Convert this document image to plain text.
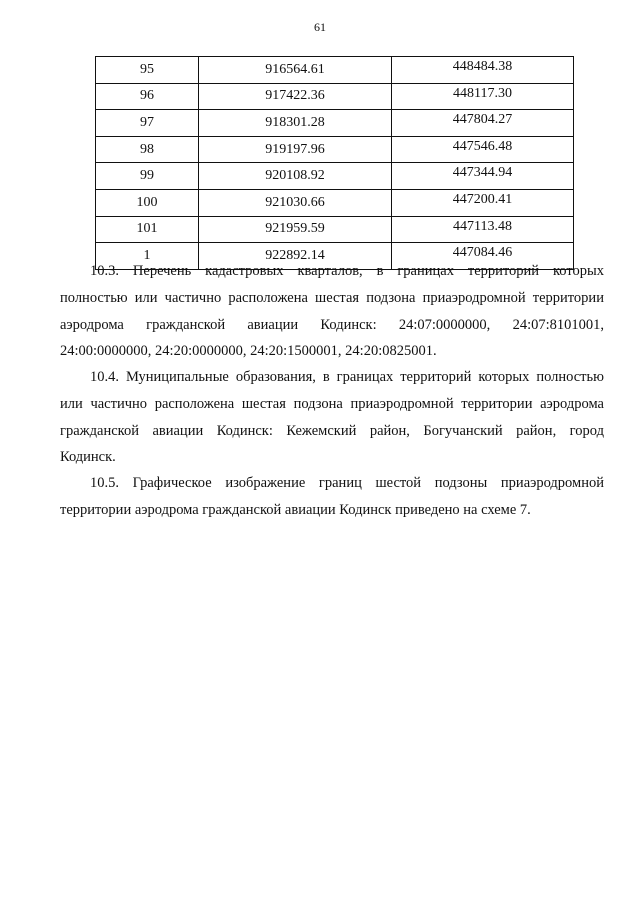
61
95	916564.61	448484.38
96	917422.36	448117.30
97	918301.28	447804.27
98	919197.96	447546.48
99	920108.92	447344.94
100	921030.66	447200.41
101	921959.59	447113.48
1	922892.14	447084.46
10.3. Перечень кадастровых кварталов, в границах территорий которых
полностью или частично расположена шестая подзона приаэродромной территории
аэродрома гражданской авиации Кодинск: 24:07:0000000, 24:07:8101001,
24:00:0000000, 24:20:0000000, 24:20:1500001, 24:20:0825001.
10.4. Муниципальные образования, в границах территорий которых полностью
или частично расположена шестая подзона приаэродромной территории аэродрома
гражданской авиации Кодинск: Кежемский район, Богучанский район, город
Кодинск.
10.5. Графическое изображение границ шестой подзоны приаэродромной
территории аэродрома гражданской авиации Кодинск приведено на схеме 7.
